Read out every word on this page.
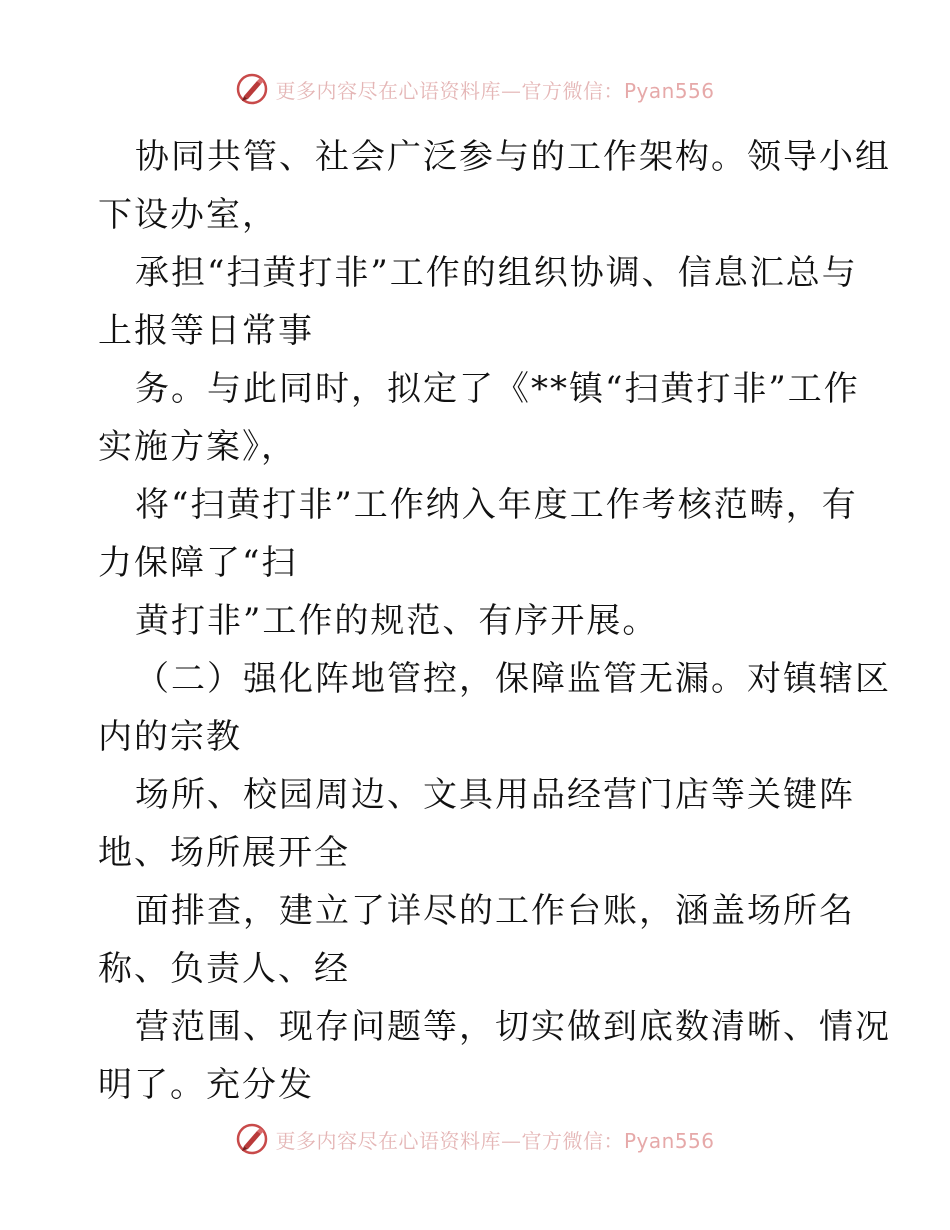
更多内容尽在心语资料库—官方微信：Pyan556
协同共管、社会广泛参与的工作架构。领导小组
下设办室，
承担“扫黄打非”工作的组织协调、信息汇总与
上报等日常事
务。与此同时，拟定了《**镇“扫黄打非”工作
实施方案》，
将“扫黄打非”工作纳入年度工作考核范畴，有
力保障了“扫
黄打非”工作的规范、有序开展。
（二）强化阵地管控，保障监管无漏。对镇辖区
内的宗教
场所、校园周边、文具用品经营门店等关键阵
地、场所展开全
面排查，建立了详尽的工作台账，涵盖场所名
称、负责人、经
营范围、现存问题等，切实做到底数清晰、情况
明了。充分发
更多内容尽在心语资料库—官方微信：Pyan556
